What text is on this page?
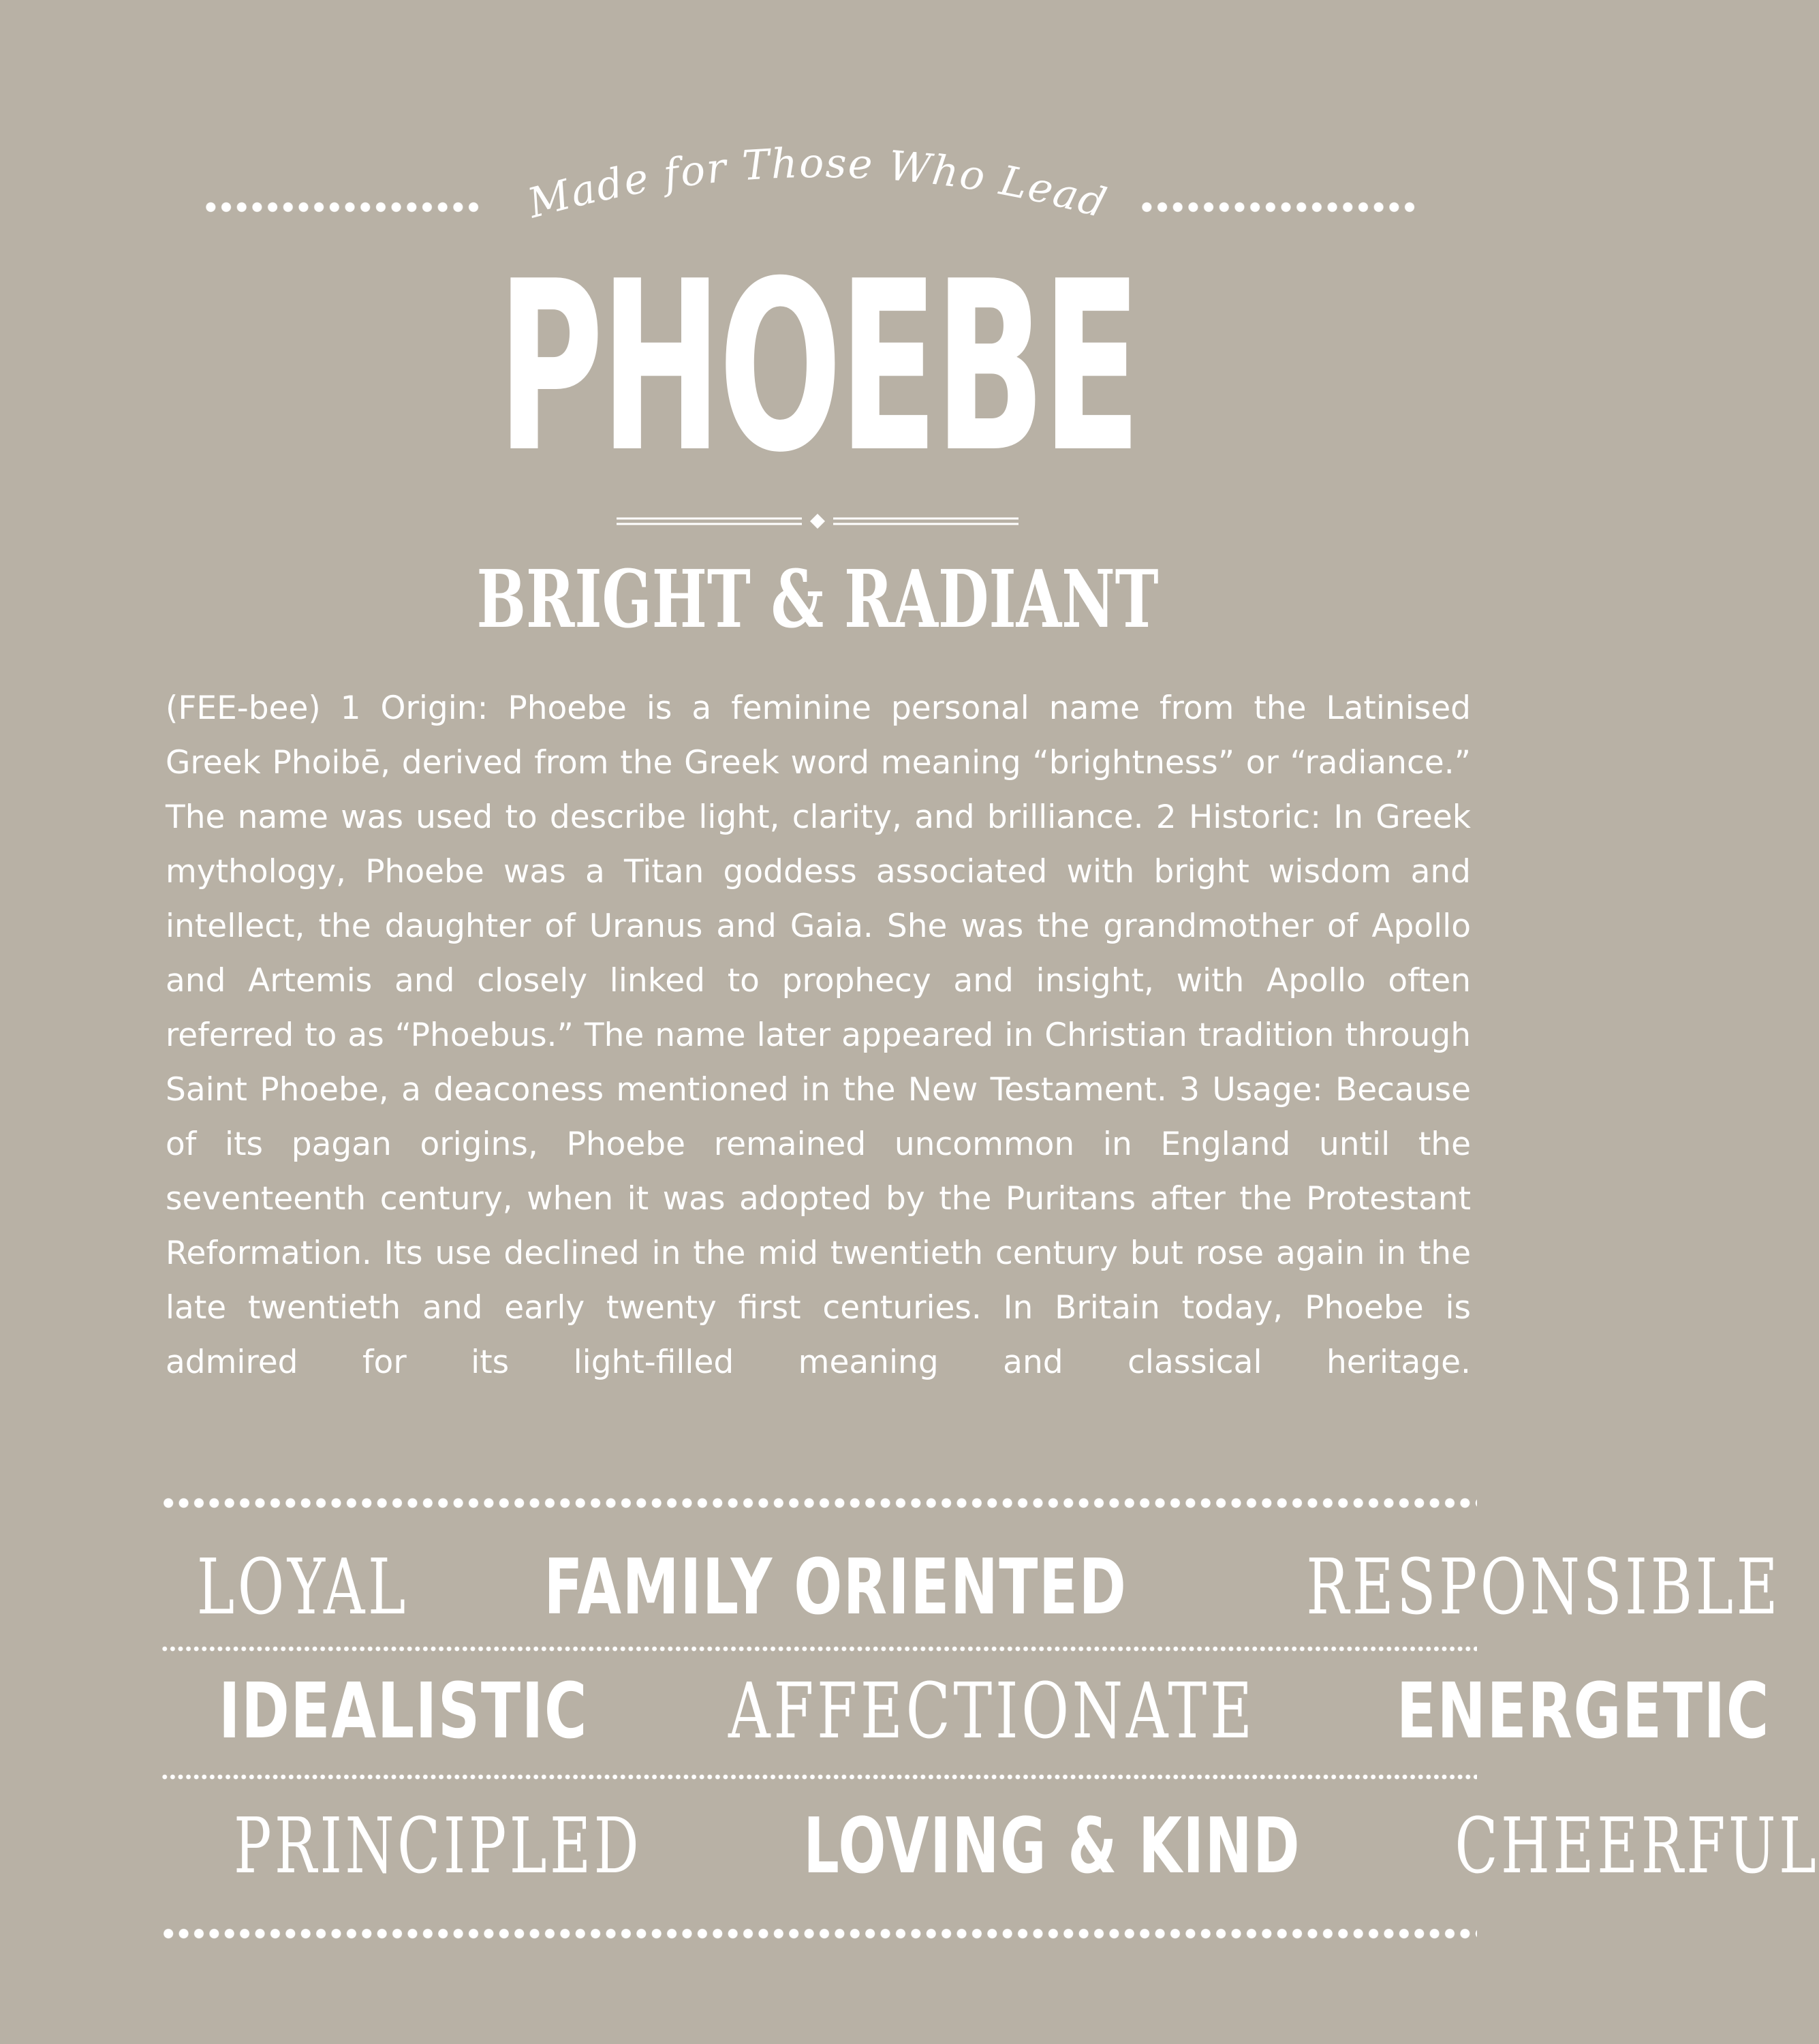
Made for Those Who Lead
PHOEBE
BRIGHT & RADIANT
(FEE-bee) 1 Origin: Phoebe is a feminine personal name from the Latinised Greek Phoibē, derived from the Greek word meaning “brightness” or “radiance.” The name was used to describe light, clarity, and brilliance. 2 Historic: In Greek mythology, Phoebe was a Titan goddess associated with bright wisdom and intellect, the daughter of Uranus and Gaia. She was the grandmother of Apollo and Artemis and closely linked to prophecy and insight, with Apollo often referred to as “Phoebus.” The name later appeared in Christian tradition through Saint Phoebe, a deaconess mentioned in the New Testament. 3 Usage: Because of its pagan origins, Phoebe remained uncommon in England until the seventeenth century, when it was adopted by the Puritans after the Protestant Reformation. Its use declined in the mid twentieth century but rose again in the late twentieth and early twenty first centuries. In Britain today, Phoebe is admired for its light-filled meaning and classical heritage.
LOYAL FAMILY ORIENTED RESPONSIBLE
IDEALISTIC AFFECTIONATE ENERGETIC
PRINCIPLED LOVING & KIND CHEERFUL
